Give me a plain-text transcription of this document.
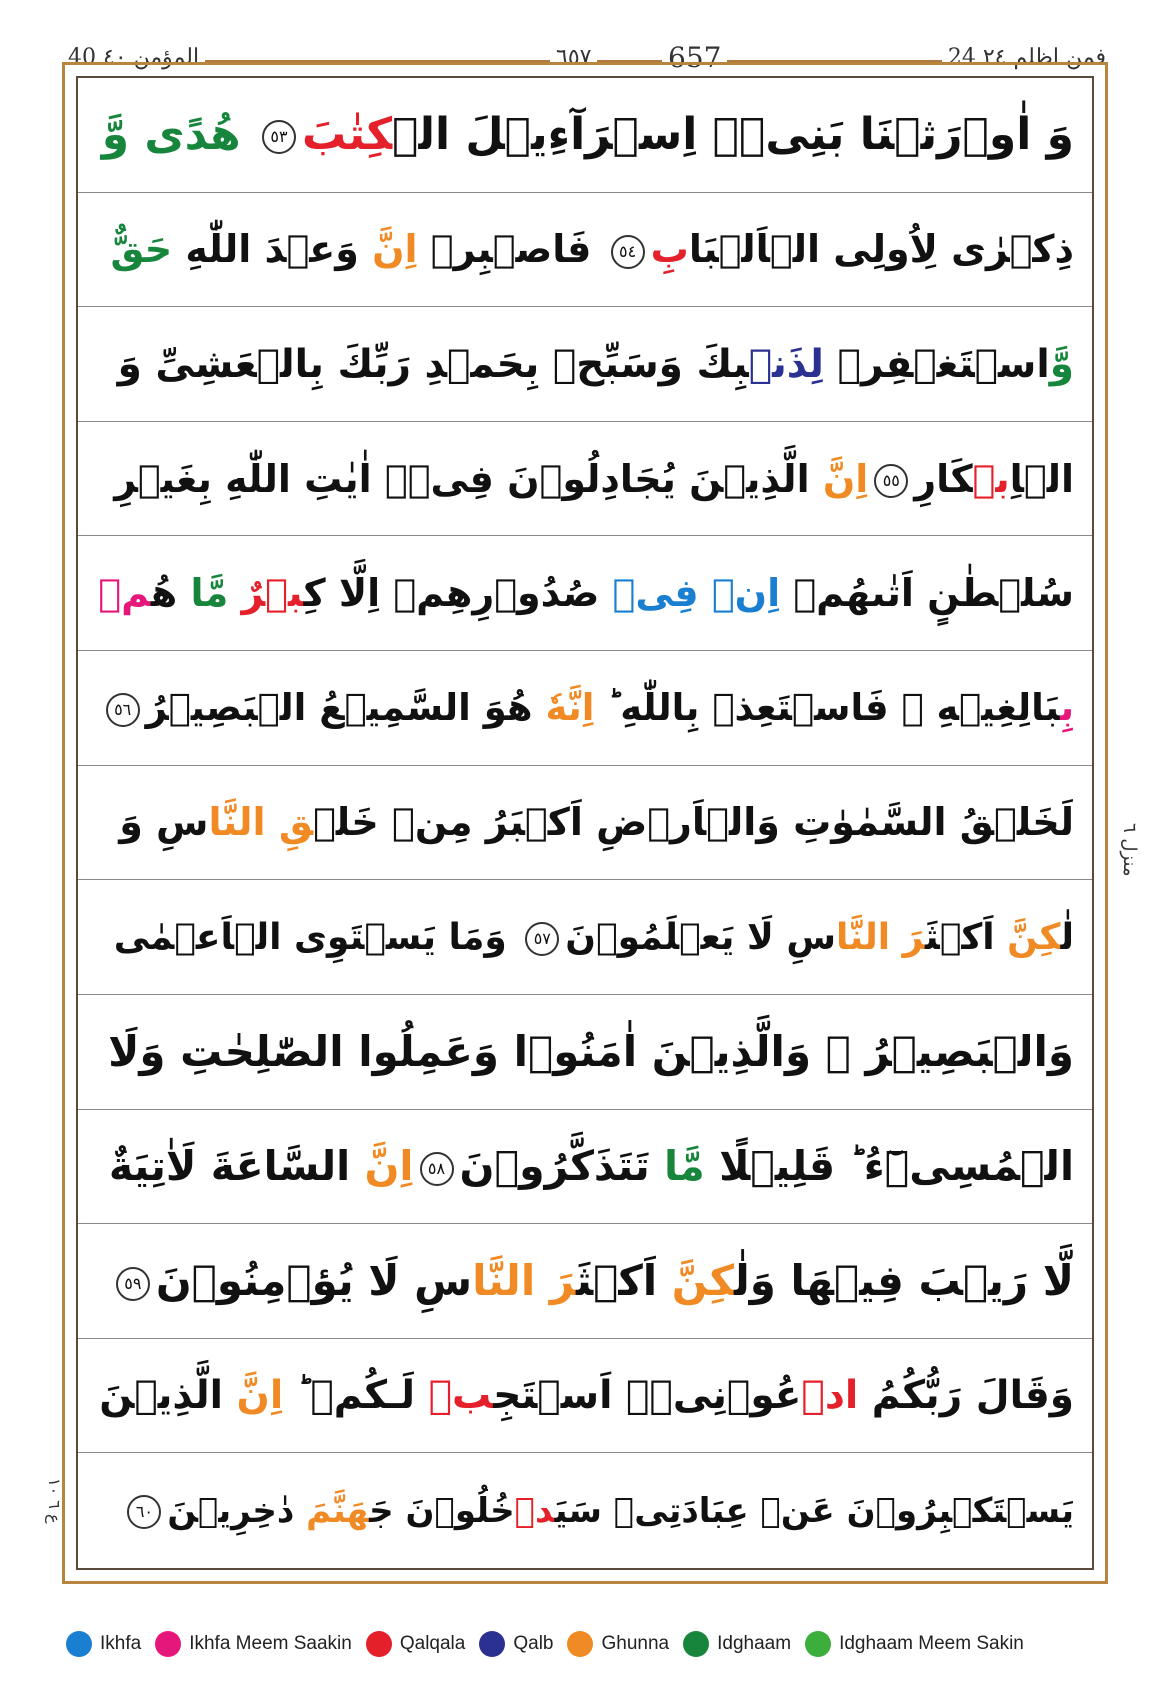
40 المؤمن ٤٠	٦٥٧	657	24 فمن اظلم ٢٤
وَ اٰوۡرَثۡنَا بَنِىۡۤ اِسۡرَآءِيۡلَ الۡكِتٰبَ٥٣ هُدًى وَّ
ذِكۡرٰى لِاُولِى الۡاَلۡبَابِ٥٤ فَاصۡبِرۡ اِنَّ وَعۡدَ اللّٰهِ حَقٌّ
وَّاسۡتَغۡفِرۡ لِذَنۡبِكَ وَسَبِّحۡ بِحَمۡدِ رَبِّكَ بِالۡعَشِىِّ وَ
الۡاِبۡكَارِ٥٥اِنَّ الَّذِيۡنَ يُجَادِلُوۡنَ فِىۡۤ اٰيٰتِ اللّٰهِ بِغَيۡرِ
سُلۡطٰنٍ اَتٰٮهُمۡ اِنۡ فِىۡ صُدُوۡرِهِمۡ اِلَّا كِبۡرٌ مَّا هُمۡ
بِبَالِغِيۡهِ ۚ فَاسۡتَعِذۡ بِاللّٰهِ ؕ اِنَّهٗ هُوَ السَّمِيۡعُ الۡبَصِيۡرُ٥٦
لَخَلۡقُ السَّمٰوٰتِ وَالۡاَرۡضِ اَكۡبَرُ مِنۡ خَلۡقِ النَّاسِ وَ
لٰكِنَّ اَكۡثَرَ النَّاسِ لَا يَعۡلَمُوۡنَ٥٧ وَمَا يَسۡتَوِى الۡاَعۡمٰى
وَالۡبَصِيۡرُ ۙ وَالَّذِيۡنَ اٰمَنُوۡا وَعَمِلُوا الصّٰلِحٰتِ وَلَا
الۡمُسِىۡٓءُ ؕ قَلِيۡلًا مَّا تَتَذَكَّرُوۡنَ٥٨اِنَّ السَّاعَةَ لَاٰتِيَةٌ
لَّا رَيۡبَ فِيۡهَا وَلٰكِنَّ اَكۡثَرَ النَّاسِ لَا يُؤۡمِنُوۡنَ٥٩
وَقَالَ رَبُّكُمُ ادۡعُوۡنِىۡۤ اَسۡتَجِبۡ لَـكُمۡ ؕ اِنَّ الَّذِيۡنَ
يَسۡتَكۡبِرُوۡنَ عَنۡ عِبَادَتِىۡ سَيَدۡخُلُوۡنَ جَهَنَّمَ دٰخِرِيۡنَ٦٠
منزل ٦
ع ٦ ١٠
Ikhfa	Ikhfa Meem Saakin	Qalqala	Qalb	Ghunna	Idghaam	Idghaam Meem Sakin
